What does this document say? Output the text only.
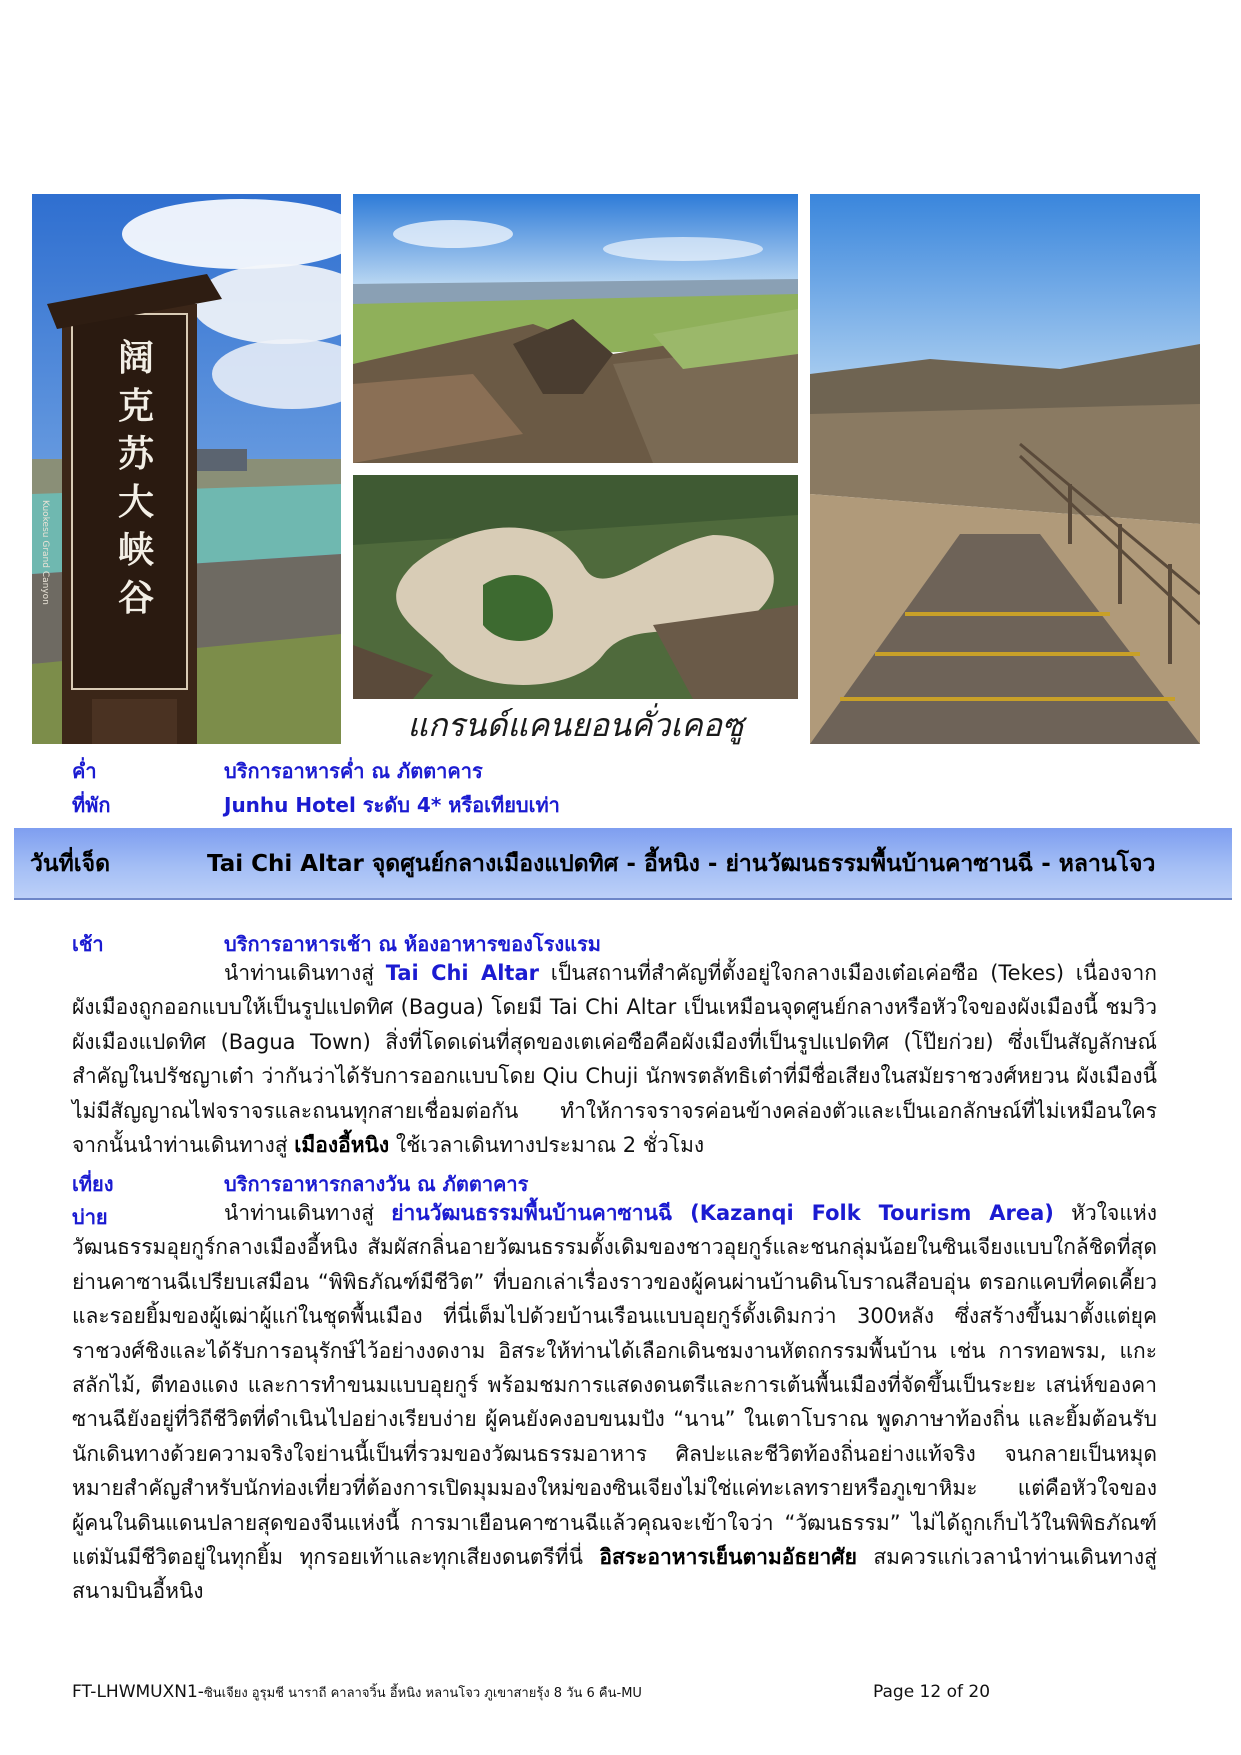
阔
克
苏
大
峡
谷
Kuokesu Grand Canyon
แกรนด์แคนยอนคั่วเคอซู
ค่ำ	บริการอาหารค่ำ ณ ภัตตาคาร
ที่พัก	Junhu Hotel ระดับ 4* หรือเทียบเท่า
วันที่เจ็ด	Tai Chi Altar จุดศูนย์กลางเมืองแปดทิศ - อี้หนิง - ย่านวัฒนธรรมพื้นบ้านคาซานฉี - หลานโจว
เช้า	บริการอาหารเช้า ณ ห้องอาหารของโรงแรม
นำท่านเดินทางสู่ Tai Chi Altar เป็นสถานที่สำคัญที่ตั้งอยู่ใจกลางเมืองเต๋อเค่อซือ (Tekes) เนื่องจากผังเมืองถูกออกแบบให้เป็นรูปแปดทิศ (Bagua) โดยมี Tai Chi Altar เป็นเหมือนจุดศูนย์กลางหรือหัวใจของผังเมืองนี้ ชมวิวผังเมืองแปดทิศ (Bagua Town) สิ่งที่โดดเด่นที่สุดของเตเค่อซือคือผังเมืองที่เป็นรูปแปดทิศ (โป๊ยก่วย) ซึ่งเป็นสัญลักษณ์สำคัญในปรัชญาเต๋า ว่ากันว่าได้รับการออกแบบโดย Qiu Chuji นักพรตลัทธิเต๋าที่มีชื่อเสียงในสมัยราชวงศ์หยวน ผังเมืองนี้ไม่มีสัญญาณไฟจราจรและถนนทุกสายเชื่อมต่อกัน ทำให้การจราจรค่อนข้างคล่องตัวและเป็นเอกลักษณ์ที่ไม่เหมือนใคร จากนั้นนำท่านเดินทางสู่ เมืองอี้หนิง ใช้เวลาเดินทางประมาณ 2 ชั่วโมง
เที่ยง	บริการอาหารกลางวัน ณ ภัตตาคาร
บ่าย	นำท่านเดินทางสู่ ย่านวัฒนธรรมพื้นบ้านคาซานฉี (Kazanqi Folk Tourism Area) หัวใจแห่งวัฒนธรรมอุยกูร์กลางเมืองอี้หนิง สัมผัสกลิ่นอายวัฒนธรรมดั้งเดิมของชาวอุยกูร์และชนกลุ่มน้อยในซินเจียงแบบใกล้ชิดที่สุด ย่านคาซานฉีเปรียบเสมือน “พิพิธภัณฑ์มีชีวิต” ที่บอกเล่าเรื่องราวของผู้คนผ่านบ้านดินโบราณสีอบอุ่น ตรอกแคบที่คดเคี้ยวและรอยยิ้มของผู้เฒ่าผู้แก่ในชุดพื้นเมือง ที่นี่เต็มไปด้วยบ้านเรือนแบบอุยกูร์ดั้งเดิมกว่า 300หลัง ซึ่งสร้างขึ้นมาตั้งแต่ยุคราชวงศ์ชิงและได้รับการอนุรักษ์ไว้อย่างงดงาม อิสระให้ท่านได้เลือกเดินชมงานหัตถกรรมพื้นบ้าน เช่น การทอพรม, แกะสลักไม้, ตีทองแดง และการทำขนมแบบอุยกูร์ พร้อมชมการแสดงดนตรีและการเต้นพื้นเมืองที่จัดขึ้นเป็นระยะ เสน่ห์ของคาซานฉียังอยู่ที่วิถีชีวิตที่ดำเนินไปอย่างเรียบง่าย ผู้คนยังคงอบขนมปัง “นาน” ในเตาโบราณ พูดภาษาท้องถิ่น และยิ้มต้อนรับนักเดินทางด้วยความจริงใจย่านนี้เป็นที่รวมของวัฒนธรรมอาหาร ศิลปะและชีวิตท้องถิ่นอย่างแท้จริง จนกลายเป็นหมุดหมายสำคัญสำหรับนักท่องเที่ยวที่ต้องการเปิดมุมมองใหม่ของซินเจียงไม่ใช่แค่ทะเลทรายหรือภูเขาหิมะ แต่คือหัวใจของผู้คนในดินแดนปลายสุดของจีนแห่งนี้ การมาเยือนคาซานฉีแล้วคุณจะเข้าใจว่า “วัฒนธรรม” ไม่ได้ถูกเก็บไว้ในพิพิธภัณฑ์ แต่มันมีชีวิตอยู่ในทุกยิ้ม ทุกรอยเท้าและทุกเสียงดนตรีที่นี่ อิสระอาหารเย็นตามอัธยาศัย สมควรแก่เวลานำท่านเดินทางสู่สนามบินอี้หนิง
FT-LHWMUXN1-ซินเจียง อูรุมชี นาราถี คาลาจวิ้น อี้หนิง หลานโจว ภูเขาสายรุ้ง 8 วัน 6 คืน-MU	Page 12 of 20
